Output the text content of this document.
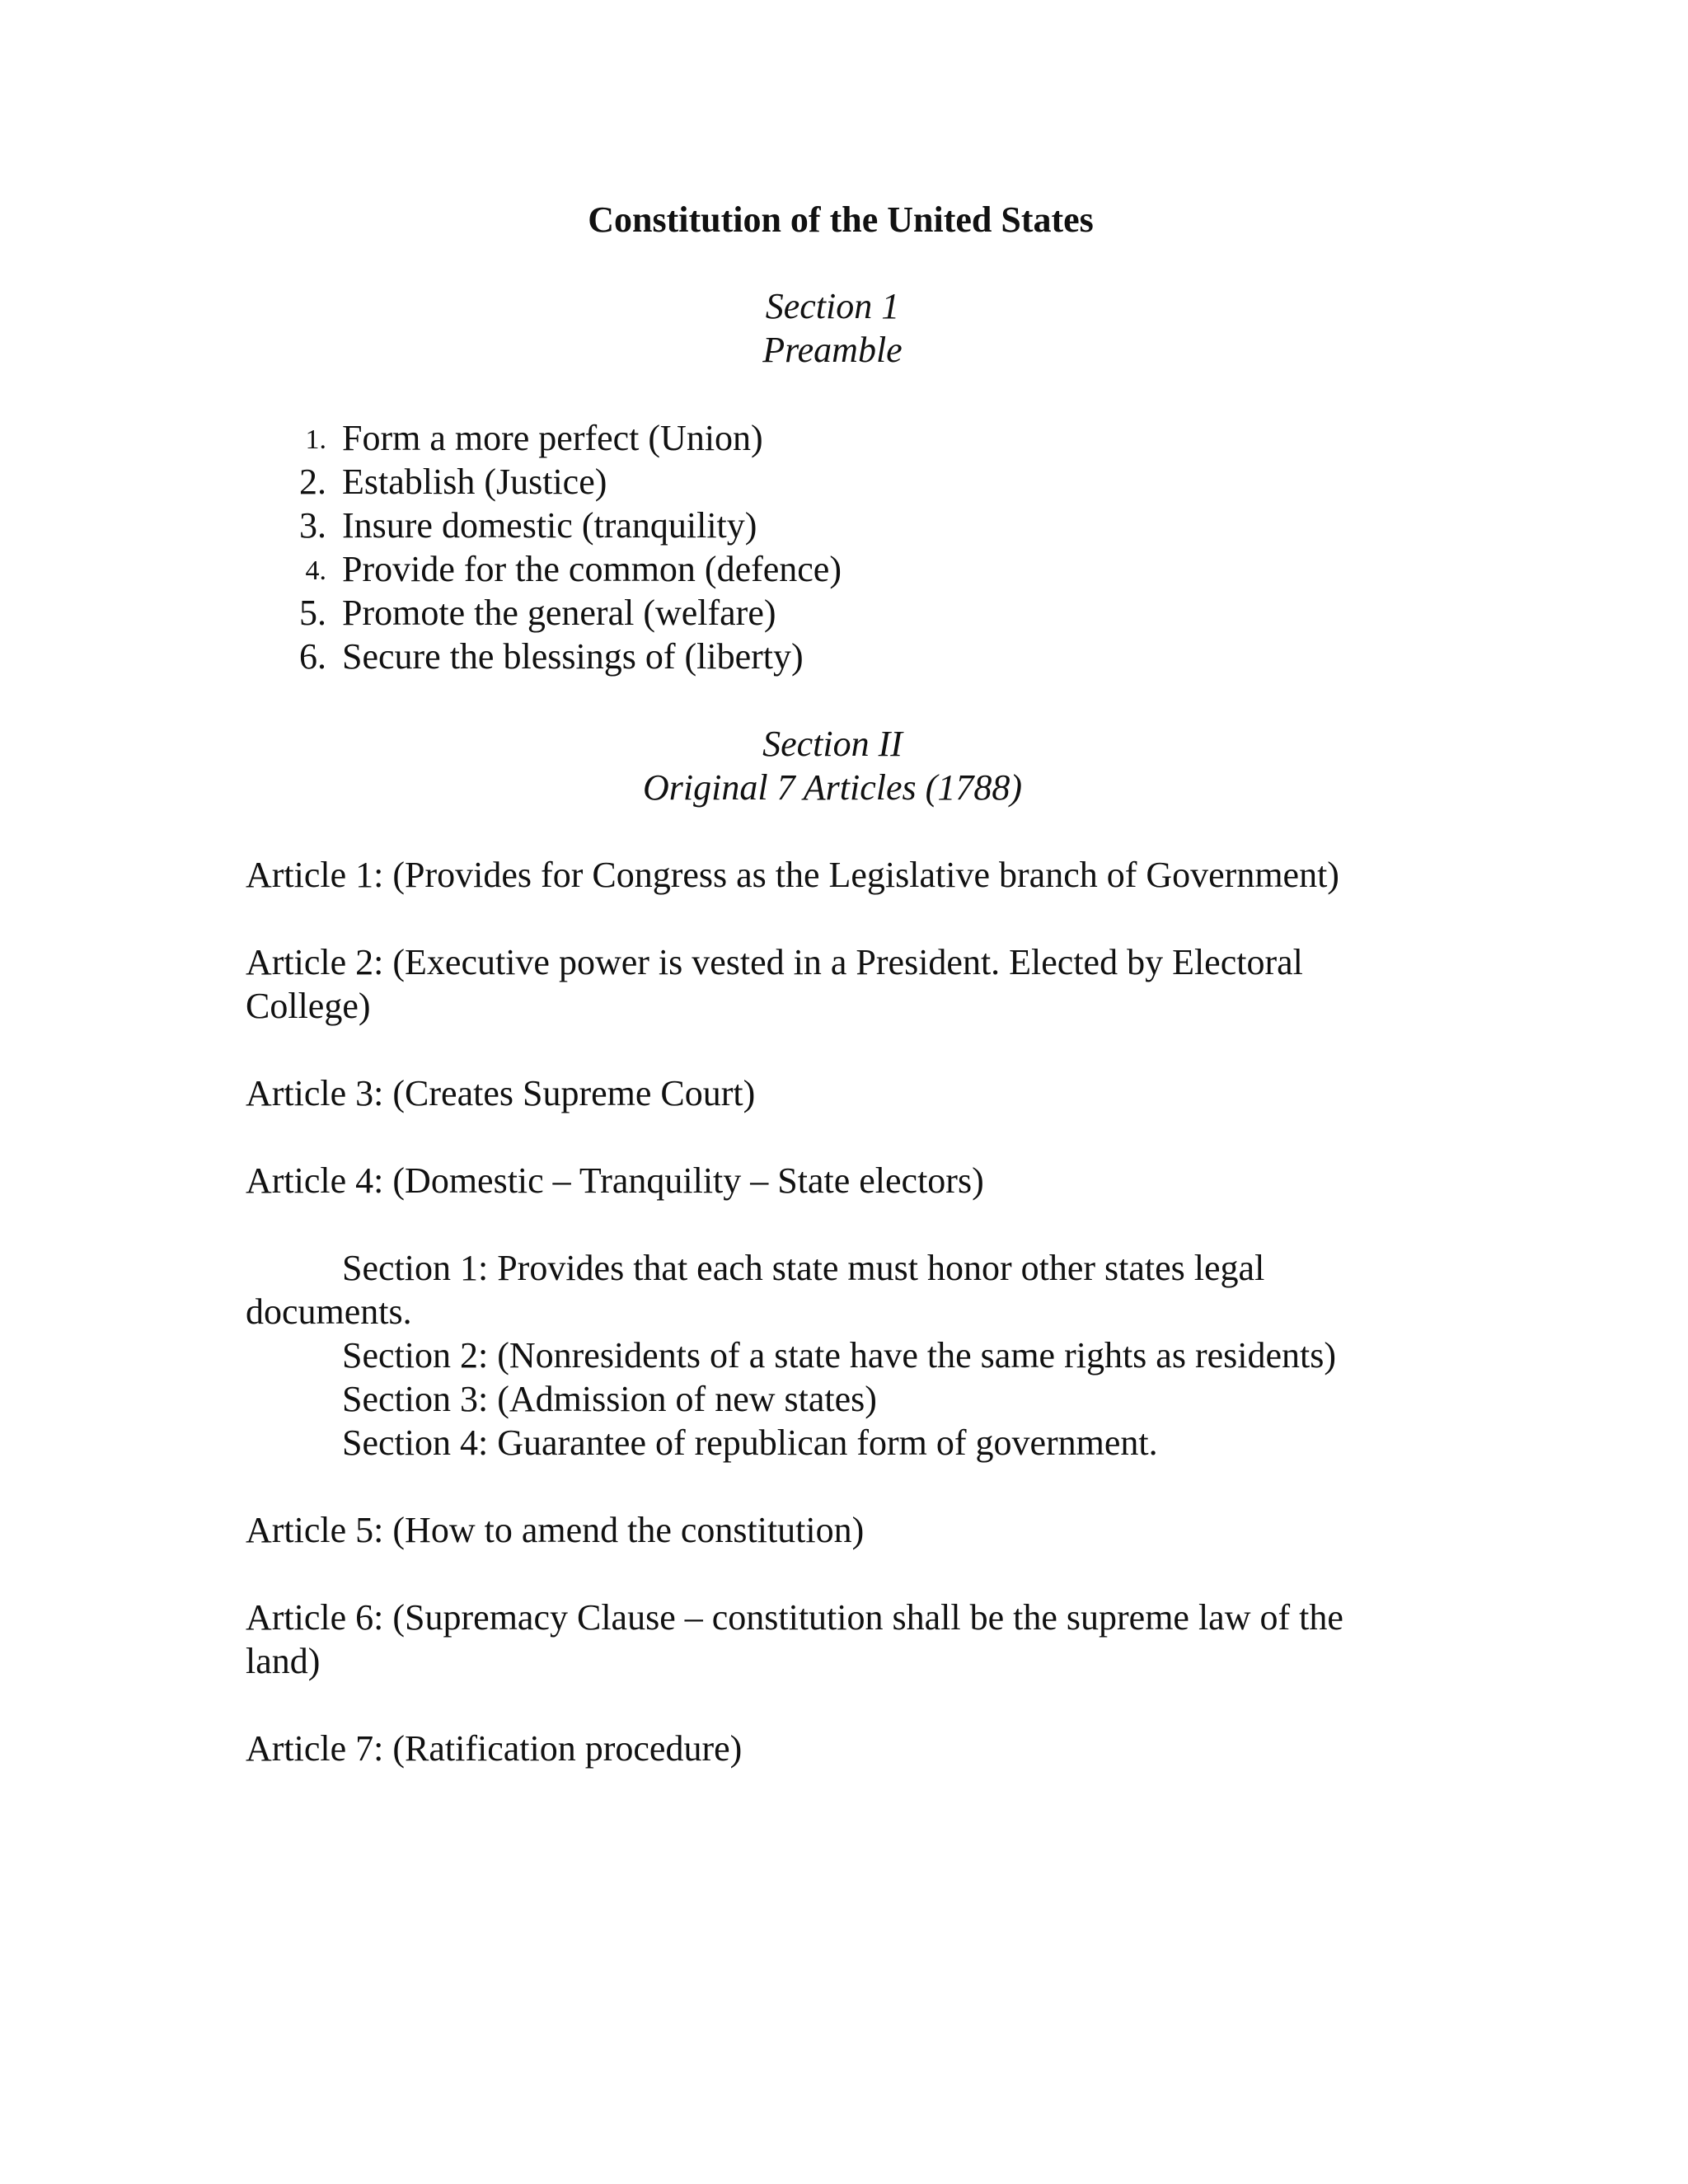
Constitution of the United States
Section 1
Preamble
1. Form a more perfect (Union)
2. Establish (Justice)
3. Insure domestic (tranquility)
4. Provide for the common (defence)
5. Promote the general (welfare)
6. Secure the blessings of (liberty)
Section II
Original 7 Articles (1788)
Article 1: (Provides for Congress as the Legislative branch of Government)
Article 2: (Executive power is vested in a President. Elected by Electoral
College)
Article 3: (Creates Supreme Court)
Article 4: (Domestic – Tranquility – State electors)
Section 1: Provides that each state must honor other states legal
documents.
Section 2: (Nonresidents of a state have the same rights as residents)
Section 3: (Admission of new states)
Section 4: Guarantee of republican form of government.
Article 5: (How to amend the constitution)
Article 6: (Supremacy Clause – constitution shall be the supreme law of the
land)
Article 7: (Ratification procedure)
